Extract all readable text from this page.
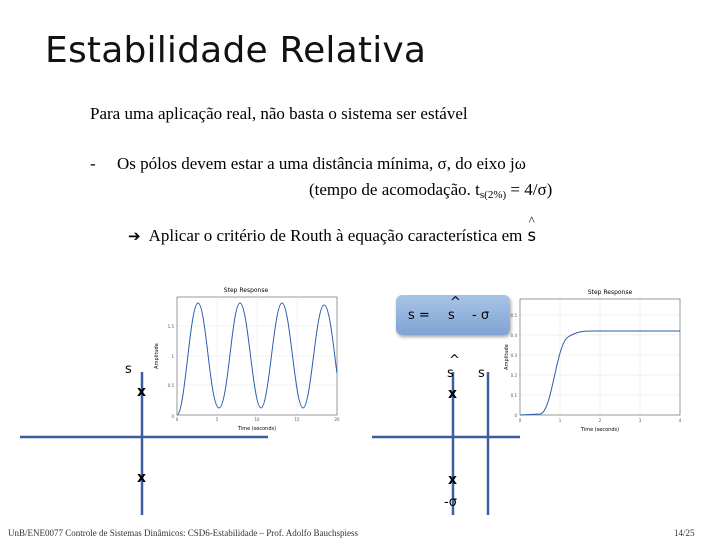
Estabilidade Relativa
Para uma aplicação real, não basta o sistema ser estável
- Os pólos devem estar a uma distância mínima, σ, do eixo jω
(tempo de acomodação. $t_{s(2\%)} = 4/\sigma$)
➔ Aplicar o critério de Routh à equação característica em
^
s
Step Response
0
0.5
1
1.5
0	5	10	15	20
Time (seconds)
Amplitude
Step Response
0
0.1
0.2
0.3
0.4
0.5
0	1	2	3	4
Time (seconds)
Amplitude
s
x
x
s =
^
s - σ
^
s s
x
x
-σ
UnB/ENE0077 Controle de Sistemas Dinâmicos: CSD6-Estabilidade – Prof. Adolfo Bauchspiess	14/25
